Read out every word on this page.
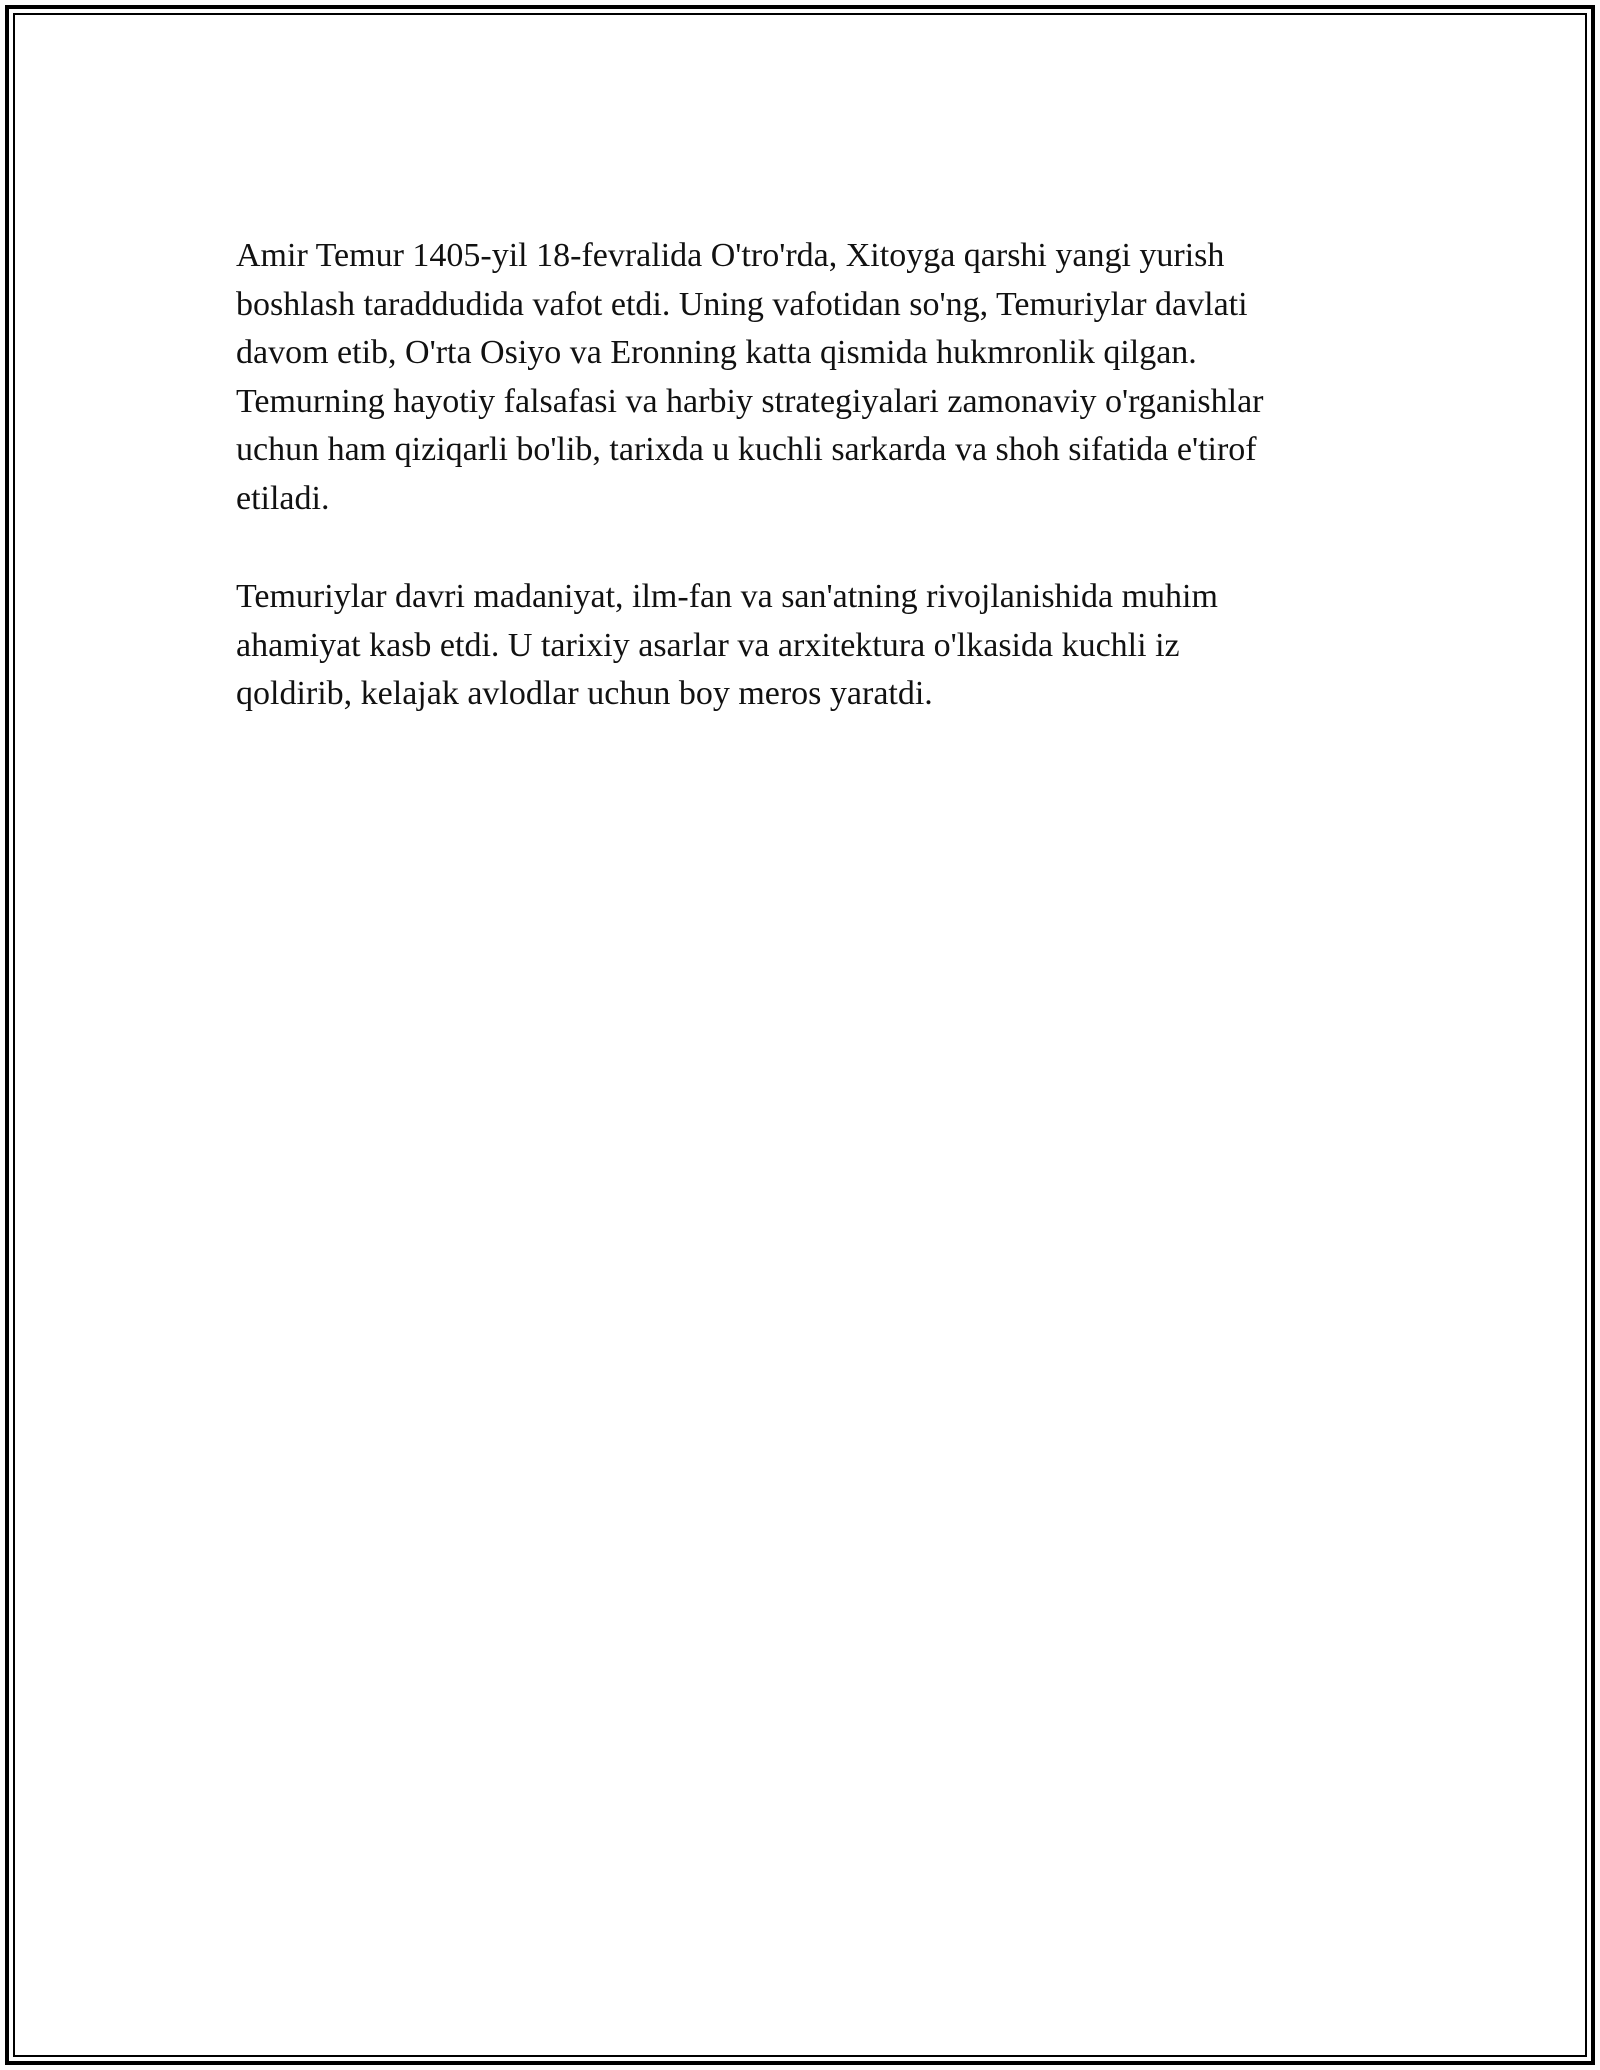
Amir Temur 1405-yil 18-fevralida O'tro'rda, Xitoyga qarshi yangi yurish
boshlash taraddudida vafot etdi. Uning vafotidan so'ng, Temuriylar davlati
davom etib, O'rta Osiyo va Eronning katta qismida hukmronlik qilgan.
Temurning hayotiy falsafasi va harbiy strategiyalari zamonaviy o'rganishlar
uchun ham qiziqarli bo'lib, tarixda u kuchli sarkarda va shoh sifatida e'tirof
etiladi.

Temuriylar davri madaniyat, ilm-fan va san'atning rivojlanishida muhim
ahamiyat kasb etdi. U tarixiy asarlar va arxitektura o'lkasida kuchli iz
qoldirib, kelajak avlodlar uchun boy meros yaratdi.
